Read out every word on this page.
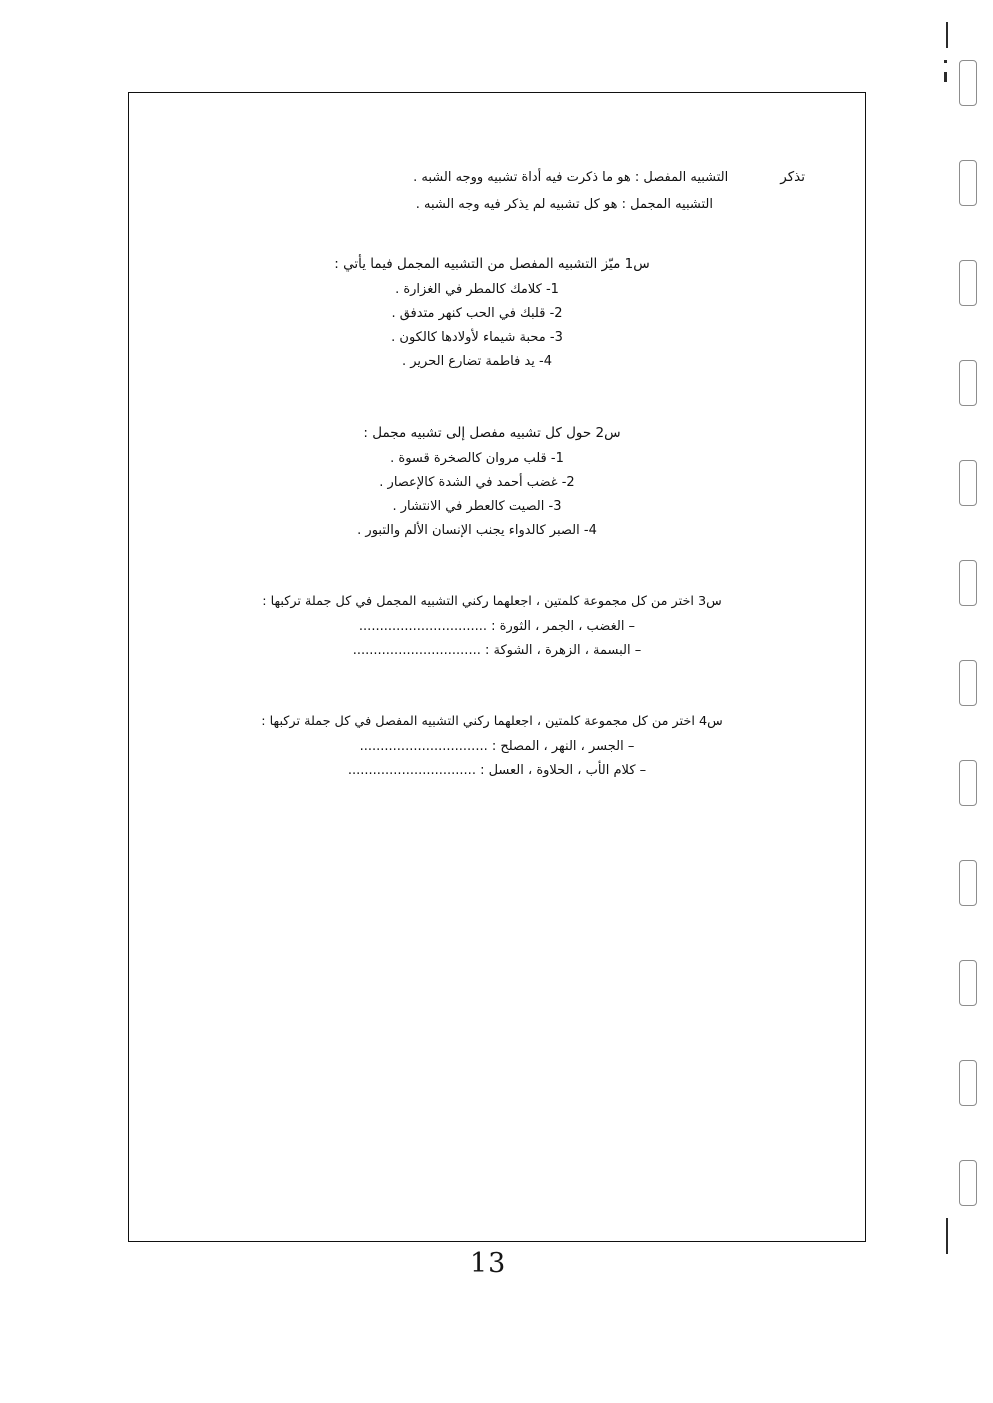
تذكر
التشبيه المفصل : هو ما ذكرت فيه أداة تشبيه ووجه الشبه .
التشبيه المجمل : هو كل تشبيه لم يذكر فيه وجه الشبه .
س1 ميّز التشبيه المفصل من التشبيه المجمل فيما يأتي :
1- كلامك كالمطر في الغزارة .
2- قلبك في الحب كنهر متدفق .
3- محبة شيماء لأولادها كالكون .
4- يد فاطمة تضارع الحرير .
س2 حول كل تشبيه مفصل إلى تشبيه مجمل :
1- قلب مروان كالصخرة قسوة .
2- غضب أحمد في الشدة كالإعصار .
3- الصيت كالعطر في الانتشار .
4- الصبر كالدواء يجنب الإنسان الألم والتبور .
س3 اختر من كل مجموعة كلمتين ، اجعلهما ركني التشبيه المجمل في كل جملة تركبها :
– الغضب ، الجمر ، الثورة : ...............................
– البسمة ، الزهرة ، الشوكة : ...............................
س4 اختر من كل مجموعة كلمتين ، اجعلهما ركني التشبيه المفصل في كل جملة تركبها :
– الجسر ، النهر ، المصلح : ...............................
– كلام الأب ، الحلاوة ، العسل : ...............................
13
